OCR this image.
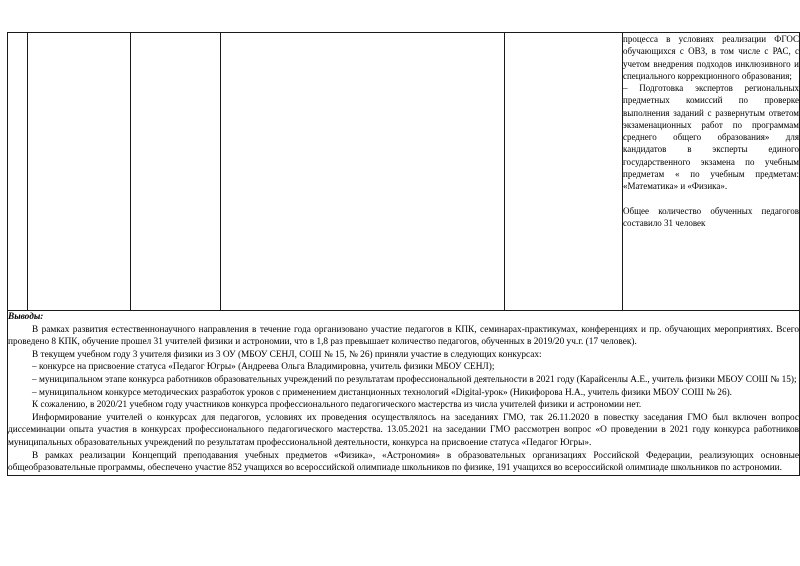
процесса в условиях реализации ФГОС обучающихся с ОВЗ, в том числе с РАС, с учетом внедрения подходов инклюзивного и специального коррекционного образования;

– Подготовка экспертов региональных предметных комиссий по проверке выполнения заданий с развернутым ответом экзаменационных работ по программам среднего общего образования» для кандидатов в эксперты единого государственного экзамена по учебным предметам « по учебным предметам: «Математика» и «Физика».

Общее количество обученных педагогов составило 31 человек

Выводы:

В рамках развития естественнонаучного направления в течение года организовано участие педагогов в КПК, семинарах-практикумах, конференциях и пр. обучающих мероприятиях. Всего проведено 8 КПК, обучение прошел 31 учителей физики и астрономии, что в 1,8 раз превышает количество педагогов, обученных в 2019/20 уч.г. (17 человек).

В текущем учебном году 3 учителя физики из 3 ОУ (МБОУ СЕНЛ, СОШ № 15, № 26) приняли участие в следующих конкурсах:

– конкурсе на присвоение статуса «Педагог Югры» (Андреева Ольга Владимировна, учитель физики МБОУ СЕНЛ);

– муниципальном этапе конкурса работников образовательных учреждений по результатам профессиональной деятельности в 2021 году (Карайсенлы А.Е., учитель физики МБОУ СОШ № 15);

– муниципальном конкурсе методических разработок уроков с применением дистанционных технологий «Digital-урок» (Никифорова Н.А., учитель физики МБОУ СОШ № 26).

К сожалению, в 2020/21 учебном году участников конкурса профессионального педагогического мастерства из числа учителей физики и астрономии нет.

Информирование учителей о конкурсах для педагогов, условиях их проведения осуществлялось на заседаниях ГМО, так 26.11.2020 в повестку заседания ГМО был включен вопрос диссеминации опыта участия в конкурсах профессионального педагогического мастерства. 13.05.2021 на заседании ГМО рассмотрен вопрос «О проведении в 2021 году конкурса работников муниципальных образовательных учреждений по результатам профессиональной деятельности, конкурса на присвоение статуса «Педагог Югры».

В рамках реализации Концепций преподавания учебных предметов «Физика», «Астрономия» в образовательных организациях Российской Федерации, реализующих основные общеобразовательные программы, обеспечено участие 852 учащихся во всероссийской олимпиаде школьников по физике, 191 учащихся во всероссийской олимпиаде школьников по астрономии.
